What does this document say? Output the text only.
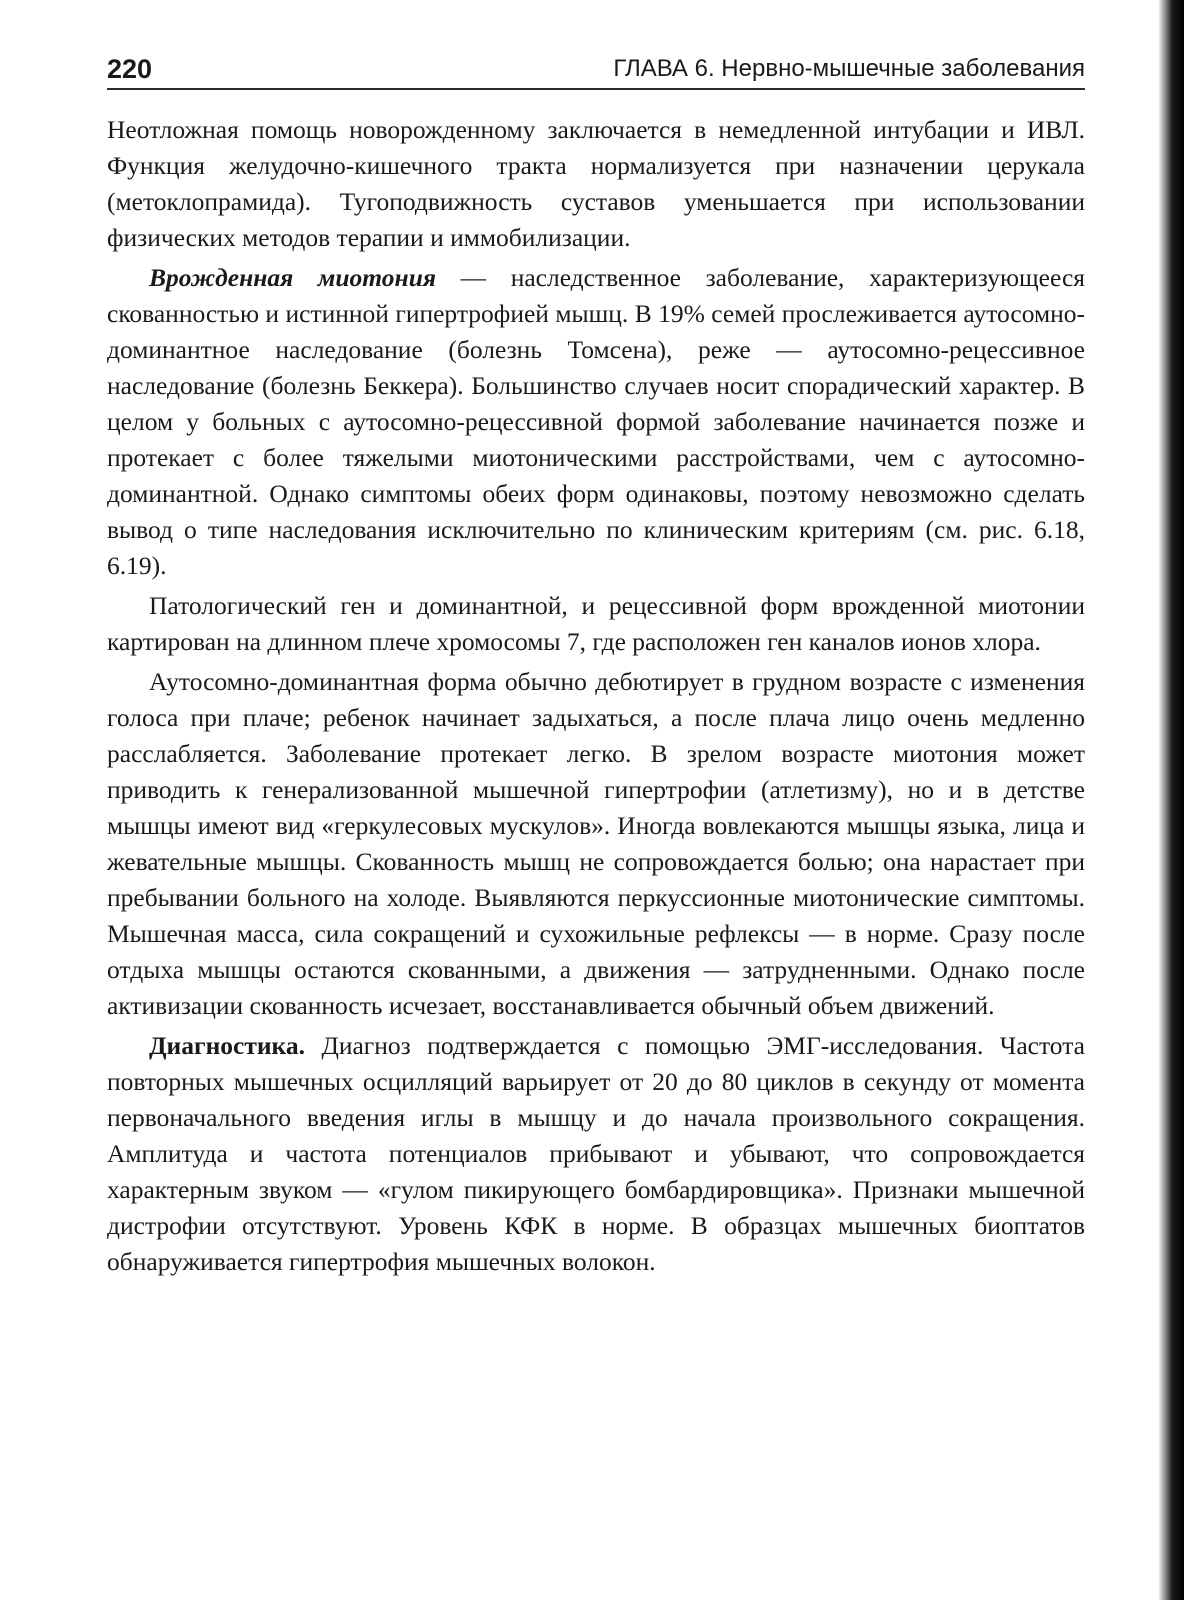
220	ГЛАВА 6. Нервно-мышечные заболевания

Неотложная помощь новорожденному заключается в немедленной интубации и ИВЛ. Функция желудочно-кишечного тракта нормализуется при назначении церукала (метоклопрамида). Тугоподвижность суставов уменьшается при использовании физических методов терапии и иммобилизации.

Врожденная миотония — наследственное заболевание, характеризующееся скованностью и истинной гипертрофией мышц. В 19% семей прослеживается аутосомно-доминантное наследование (болезнь Томсена), реже — аутосомно-рецессивное наследование (болезнь Беккера). Большинство случаев носит спорадический характер. В целом у больных с аутосомно-рецессивной формой заболевание начинается позже и протекает с более тяжелыми миотоническими расстройствами, чем с аутосомно-доминантной. Однако симптомы обеих форм одинаковы, поэтому невозможно сделать вывод о типе наследования исключительно по клиническим критериям (см. рис. 6.18, 6.19).

Патологический ген и доминантной, и рецессивной форм врожденной миотонии картирован на длинном плече хромосомы 7, где расположен ген каналов ионов хлора.

Аутосомно-доминантная форма обычно дебютирует в грудном возрасте с изменения голоса при плаче; ребенок начинает задыхаться, а после плача лицо очень медленно расслабляется. Заболевание протекает легко. В зрелом возрасте миотония может приводить к генерализованной мышечной гипертрофии (атлетизму), но и в детстве мышцы имеют вид «геркулесовых мускулов». Иногда вовлекаются мышцы языка, лица и жевательные мышцы. Скованность мышц не сопровождается болью; она нарастает при пребывании больного на холоде. Выявляются перкуссионные миотонические симптомы. Мышечная масса, сила сокращений и сухожильные рефлексы — в норме. Сразу после отдыха мышцы остаются скованными, а движения — затрудненными. Однако после активизации скованность исчезает, восстанавливается обычный объем движений.

Диагностика. Диагноз подтверждается с помощью ЭМГ-исследования. Частота повторных мышечных осцилляций варьирует от 20 до 80 циклов в секунду от момента первоначального введения иглы в мышцу и до начала произвольного сокращения. Амплитуда и частота потенциалов прибывают и убывают, что сопровождается характерным звуком — «гулом пикирующего бомбардировщика». Признаки мышечной дистрофии отсутствуют. Уровень КФК в норме. В образцах мышечных биоптатов обнаруживается гипертрофия мышечных волокон.
